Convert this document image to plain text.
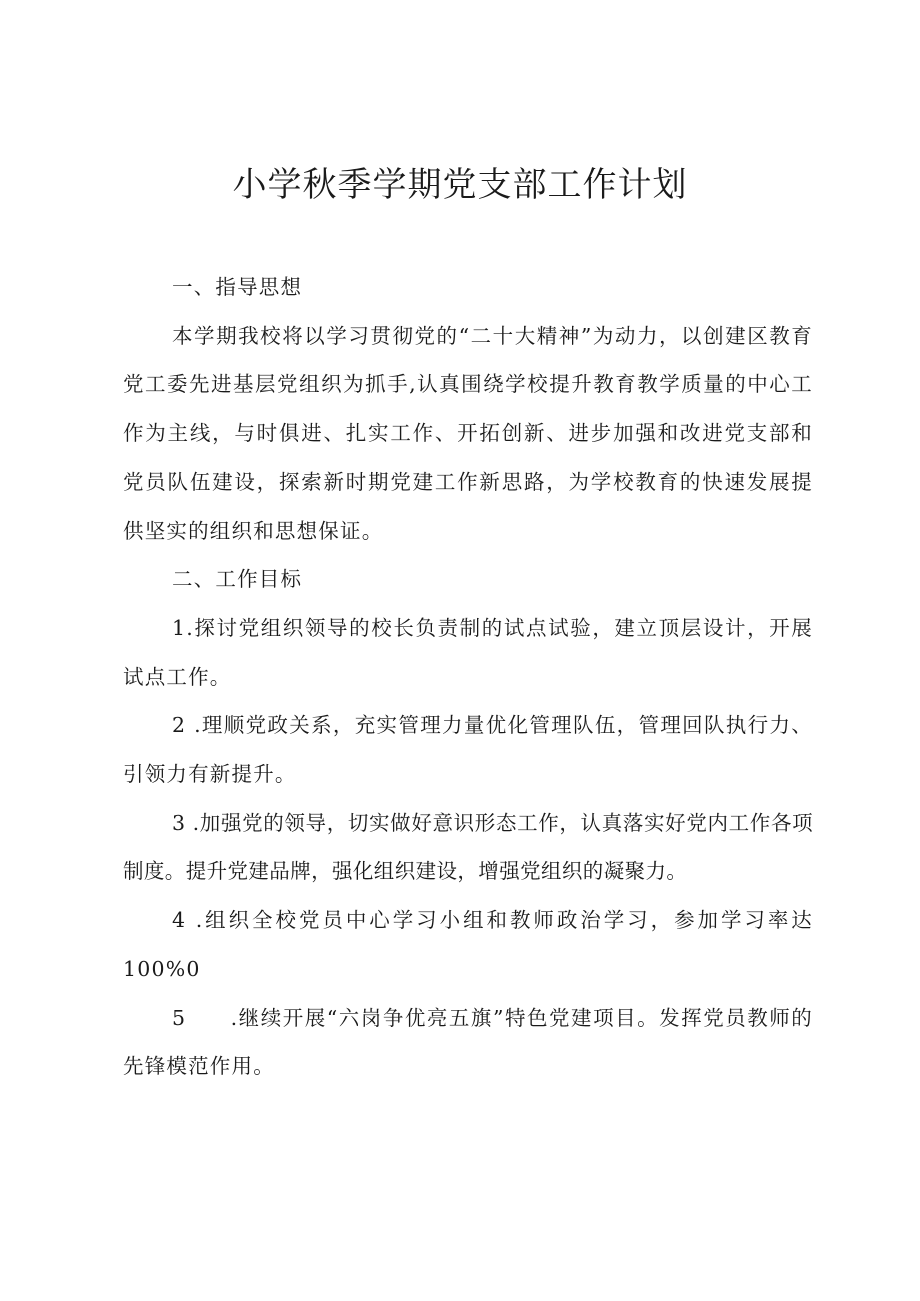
小学秋季学期党支部工作计划

一、指导思想

本学期我校将以学习贯彻党的“二十大精神”为动力，以创建区教育党工委先进基层党组织为抓手,认真围绕学校提升教育教学质量的中心工作为主线，与时俱进、扎实工作、开拓创新、进步加强和改进党支部和党员队伍建设，探索新时期党建工作新思路，为学校教育的快速发展提供坚实的组织和思想保证。

二、工作目标

1.探讨党组织领导的校长负责制的试点试验，建立顶层设计，开展试点工作。

2 .理顺党政关系，充实管理力量优化管理队伍，管理回队执行力、引领力有新提升。

3 .加强党的领导，切实做好意识形态工作，认真落实好党内工作各项制度。提升党建品牌，强化组织建设，增强党组织的凝聚力。

4 .组织全校党员中心学习小组和教师政治学习，参加学习率达100%0

5　　.继续开展“六岗争优亮五旗”特色党建项目。发挥党员教师的先锋模范作用。
